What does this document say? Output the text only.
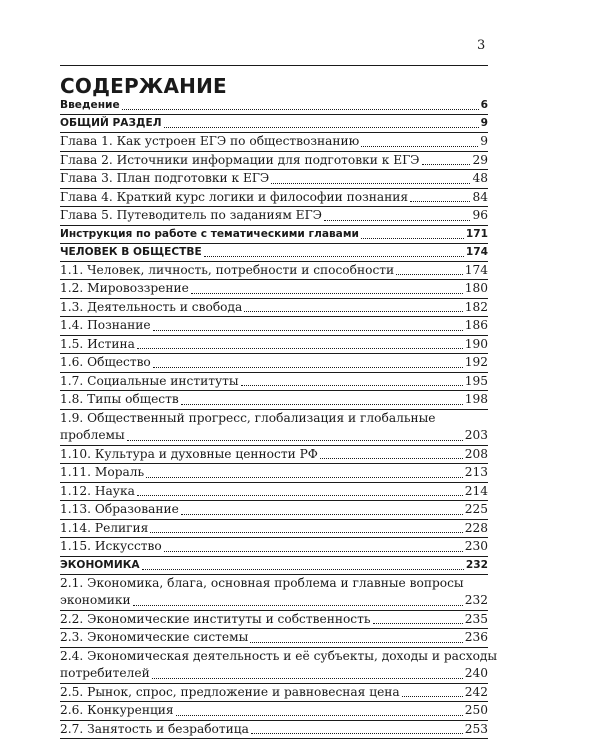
3
СОДЕРЖАНИЕ
Введение	6
ОБЩИЙ РАЗДЕЛ	9
Глава 1. Как устроен ЕГЭ по обществознанию	9
Глава 2. Источники информации для подготовки к ЕГЭ	29
Глава 3. План подготовки к ЕГЭ	48
Глава 4. Краткий курс логики и философии познания	84
Глава 5. Путеводитель по заданиям ЕГЭ	96
Инструкция по работе с тематическими главами	171
ЧЕЛОВЕК В ОБЩЕСТВЕ	174
1.1. Человек, личность, потребности и способности	174
1.2. Мировоззрение	180
1.3. Деятельность и свобода	182
1.4. Познание	186
1.5. Истина	190
1.6. Общество	192
1.7. Социальные институты	195
1.8. Типы обществ	198
1.9. Общественный прогресс, глобализация и глобальные
проблемы	203
1.10. Культура и духовные ценности РФ	208
1.11. Мораль	213
1.12. Наука	214
1.13. Образование	225
1.14. Религия	228
1.15. Искусство	230
ЭКОНОМИКА	232
2.1. Экономика, блага, основная проблема и главные вопросы
экономики	232
2.2. Экономические институты и собственность	235
2.3. Экономические системы	236
2.4. Экономическая деятельность и её субъекты, доходы и расходы
потребителей	240
2.5. Рынок, спрос, предложение и равновесная цена	242
2.6. Конкуренция	250
2.7. Занятость и безработица	253
